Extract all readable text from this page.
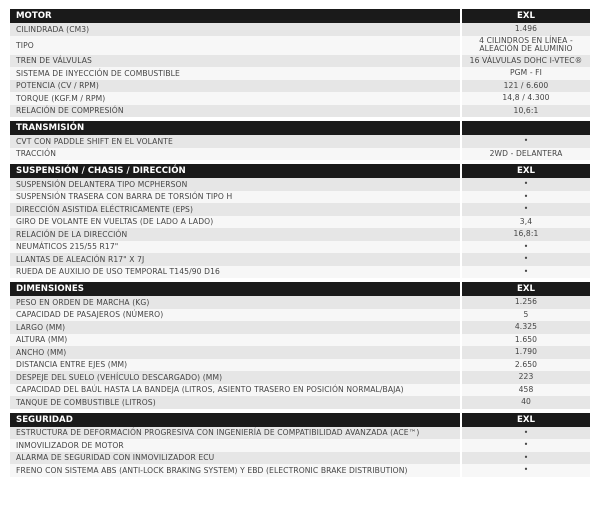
MOTOR	EXL
CILINDRADA (CM3)	1.496
TIPO	4 CILINDROS EN LÍNEA -
ALEACIÓN DE ALUMINIO
TREN DE VÁLVULAS	16 VÁLVULAS DOHC I-VTEC®
SISTEMA DE INYECCIÓN DE COMBUSTIBLE	PGM - FI
POTENCIA (CV / RPM)	121 / 6.600
TORQUE (KGF.M / RPM)	14,8 / 4.300
RELACIÓN DE COMPRESIÓN	10,6:1
TRANSMISIÓN
CVT CON PADDLE SHIFT EN EL VOLANTE	•
TRACCIÓN	2WD - DELANTERA
SUSPENSIÓN / CHASIS / DIRECCIÓN	EXL
SUSPENSIÓN DELANTERA TIPO MCPHERSON	•
SUSPENSIÓN TRASERA CON BARRA DE TORSIÓN TIPO H	•
DIRECCIÓN ASISTIDA ELÉCTRICAMENTE (EPS)	•
GIRO DE VOLANTE EN VUELTAS (DE LADO A LADO)	3,4
RELACIÓN DE LA DIRECCIÓN	16,8:1
NEUMÁTICOS 215/55 R17"	•
LLANTAS DE ALEACIÓN R17" X 7J	•
RUEDA DE AUXILIO DE USO TEMPORAL T145/90 D16	•
DIMENSIONES	EXL
PESO EN ORDEN DE MARCHA (KG)	1.256
CAPACIDAD DE PASAJEROS (NÚMERO)	5
LARGO (MM)	4.325
ALTURA (MM)	1.650
ANCHO (MM)	1.790
DISTANCIA ENTRE EJES (MM)	2.650
DESPEJE DEL SUELO (VEHÍCULO DESCARGADO) (MM)	223
CAPACIDAD DEL BAÚL HASTA LA BANDEJA (LITROS, ASIENTO TRASERO EN POSICIÓN NORMAL/BAJA)	458
TANQUE DE COMBUSTIBLE (LITROS)	40
SEGURIDAD	EXL
ESTRUCTURA DE DEFORMACIÓN PROGRESIVA CON INGENIERÍA DE COMPATIBILIDAD AVANZADA (ACE™)	•
INMOVILIZADOR DE MOTOR	•
ALARMA DE SEGURIDAD CON INMOVILIZADOR ECU	•
FRENO CON SISTEMA ABS (ANTI-LOCK BRAKING SYSTEM) Y EBD (ELECTRONIC BRAKE DISTRIBUTION)	•
